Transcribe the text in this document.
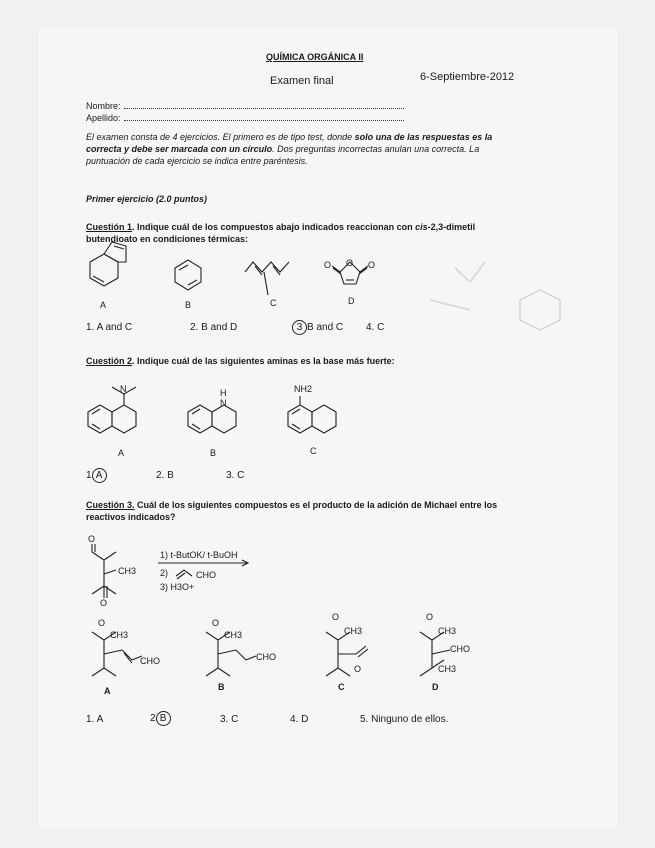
QUÍMICA ORGÁNICA II
Examen final	6-Septiembre-2012
Nombre:
Apellido:
El examen consta de 4 ejercicios. El primero es de tipo test, donde solo una de las respuestas es la
correcta y debe ser marcada con un círculo. Dos preguntas incorrectas anulan una correcta. La
puntuación de cada ejercicio se indica entre paréntesis.
Primer ejercicio (2.0 puntos)
Cuestión 1. Indique cuál de los compuestos abajo indicados reaccionan con cis-2,3-dimetil
butendioato en condiciones térmicas:
O O O
A	B	C	D
1. A and C	2. B and D	3 B and C 4. C
Cuestión 2. Indique cuál de las siguientes aminas es la base más fuerte:
N	H
N
NH2
A	B	C
1 A	2. B	3. C
Cuestión 3. Cuál de los siguientes compuestos es el producto de la adición de Michael entre los
reactivos indicados?
O
CH3
O
1) t-ButOK/ t-BuOH
2)	CHO
3) H3O+
O
CH3
CHO
O
CH3
CHO
O
CH3
O
O
CH3
CHO
CH3
A	B	C	D
1. A	2 B	3. C	4. D	5. Ninguno de ellos.
